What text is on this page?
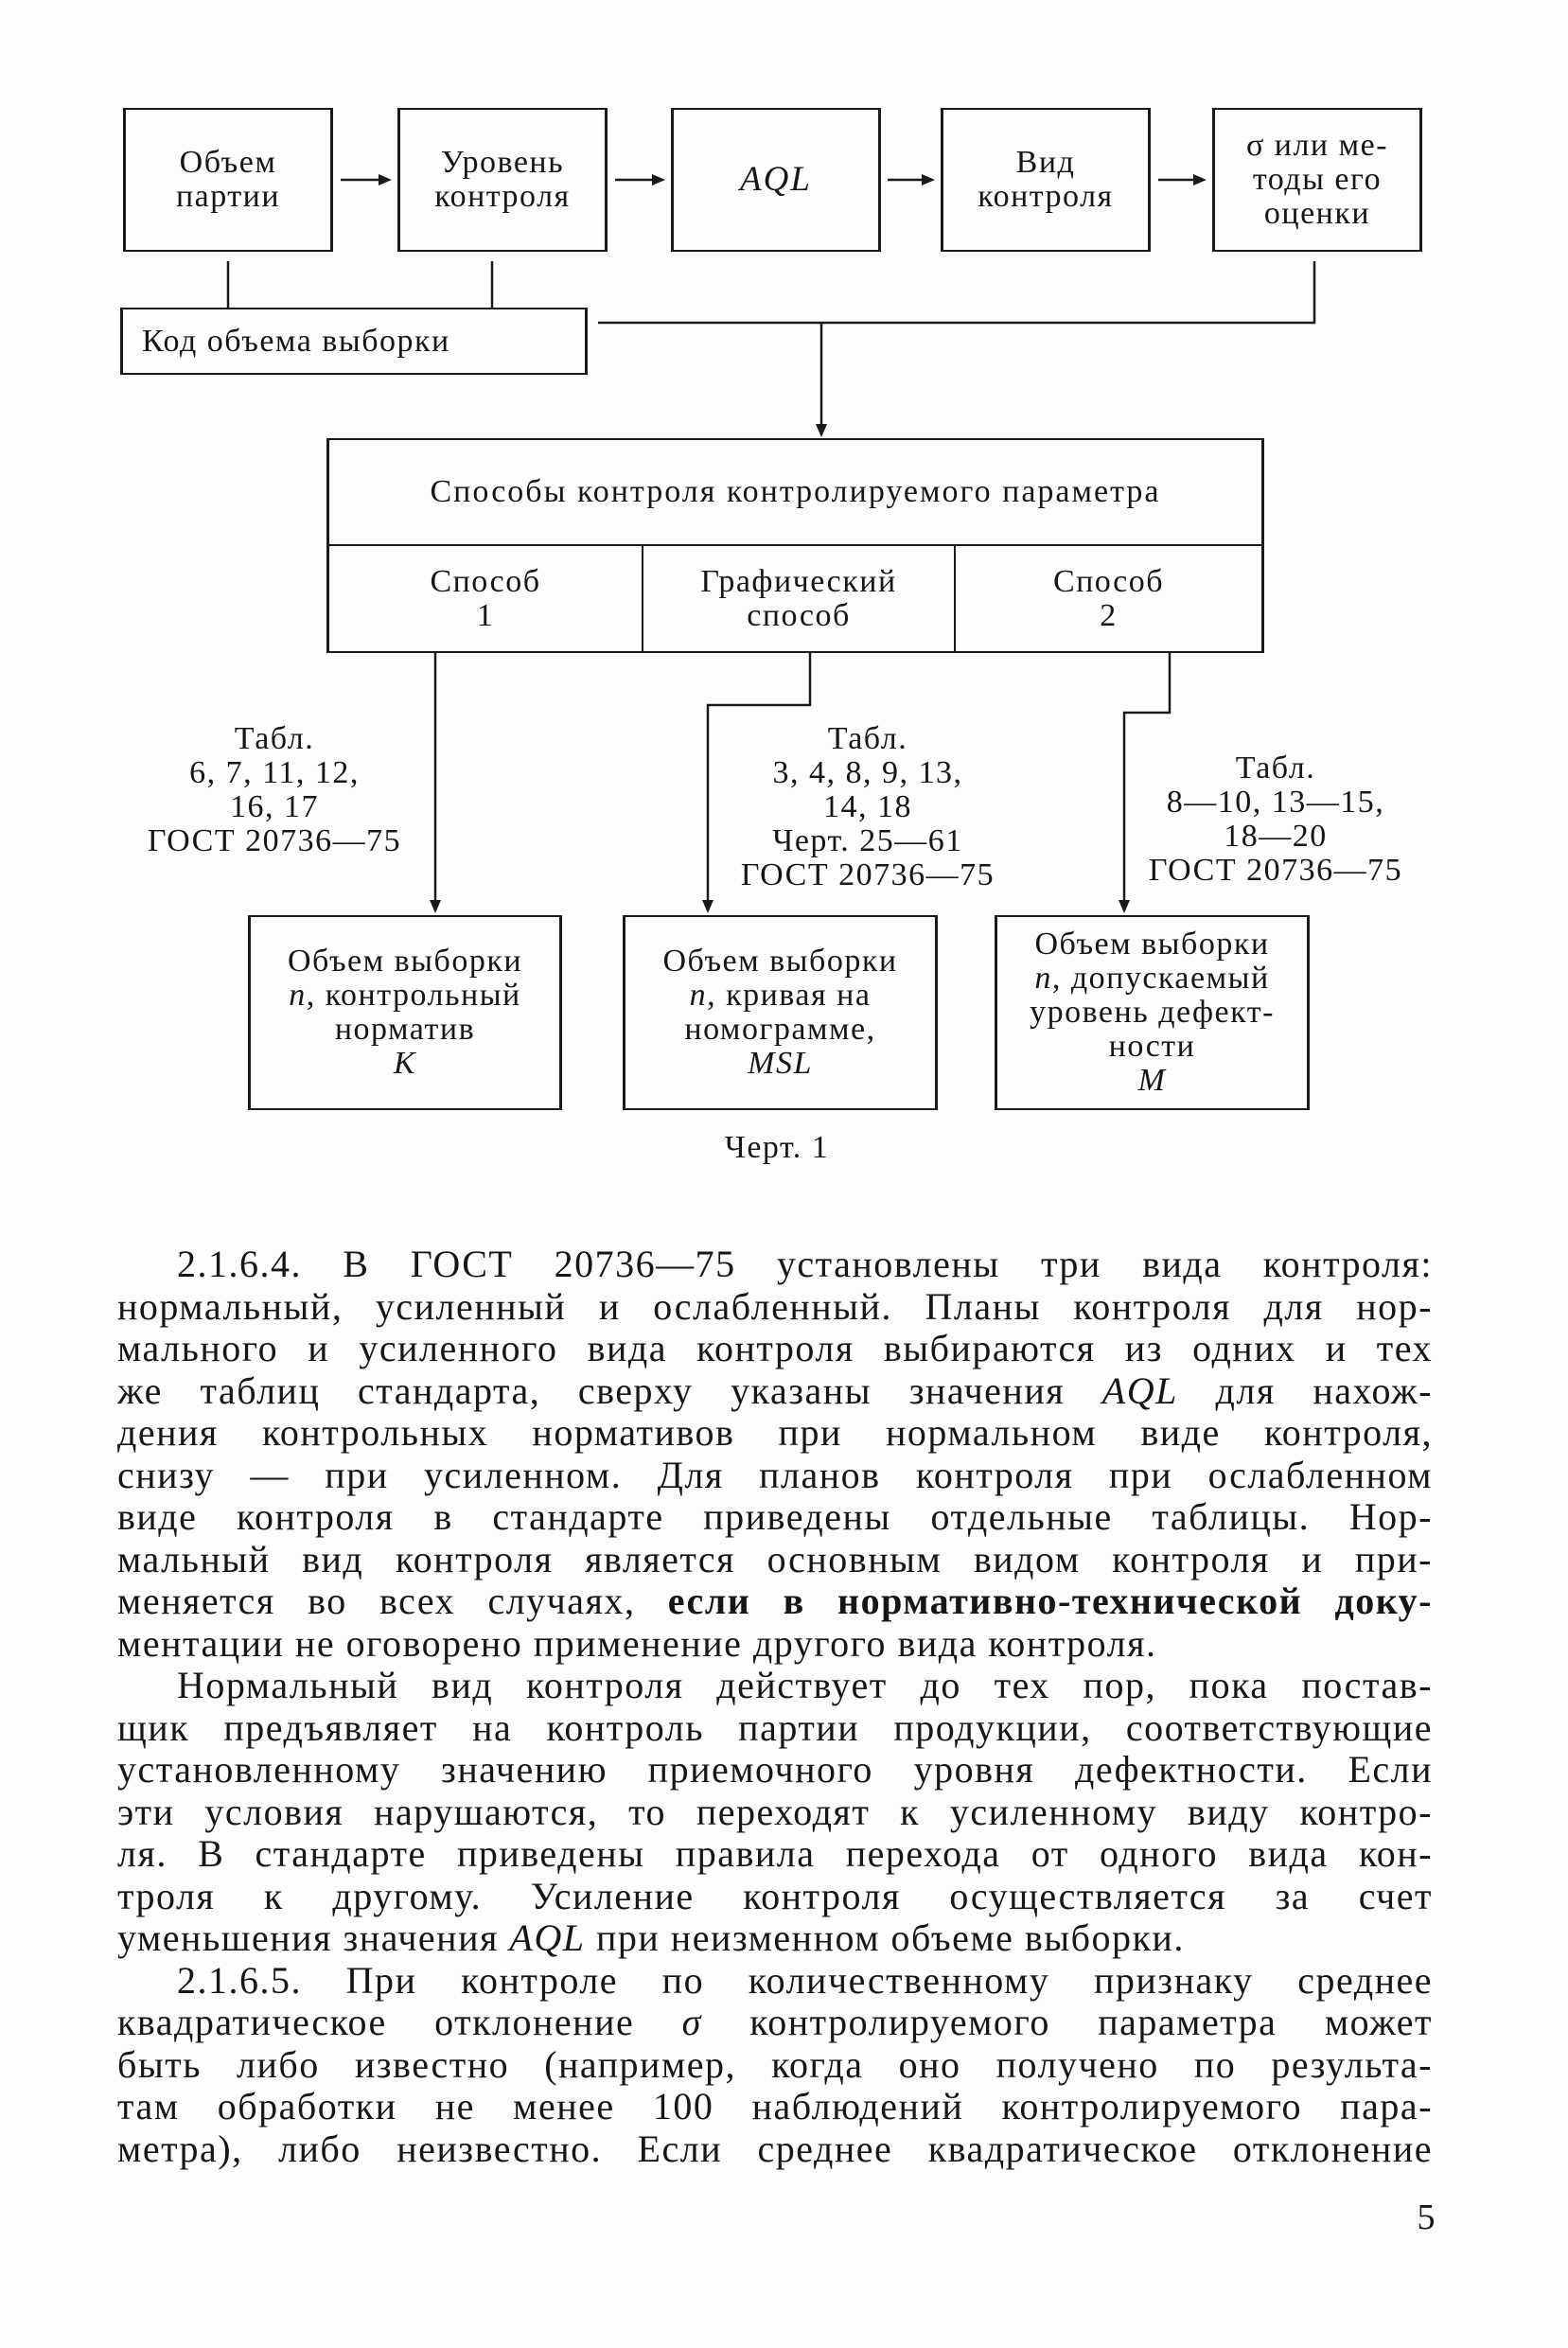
Объем
партии
Уровень
контроля	AQL	Вид
контроля
σ или ме-
тоды его
оценки
Код объема выборки
Способы контроля контролируемого параметра
Способ
1
Графический
способ
Способ
2
Табл.
6, 7, 11, 12,
16, 17
ГОСТ 20736—75
Табл.
3, 4, 8, 9, 13,
14, 18
Черт. 25—61
ГОСТ 20736—75
Табл.
8—10, 13—15,
18—20
ГОСТ 20736—75
Объем выборки
n, контрольный
норматив
K
Объем выборки
n, кривая на
номограмме,
MSL
Объем выборки
n, допускаемый
уровень дефект-
ности
M
Черт. 1
2.1.6.4. В ГОСТ 20736—75 установлены три вида контроля:
нормальный, усиленный и ослабленный. Планы контроля для нор-
мального и усиленного вида контроля выбираются из одних и тех
же таблиц стандарта, сверху указаны значения AQL для нахож-
дения контрольных нормативов при нормальном виде контроля,
снизу — при усиленном. Для планов контроля при ослабленном
виде контроля в стандарте приведены отдельные таблицы. Нор-
мальный вид контроля является основным видом контроля и при-
меняется во всех случаях, если в нормативно-технической доку-
ментации не оговорено применение другого вида контроля.
Нормальный вид контроля действует до тех пор, пока постав-
щик предъявляет на контроль партии продукции, соответствующие
установленному значению приемочного уровня дефектности. Если
эти условия нарушаются, то переходят к усиленному виду контро-
ля. В стандарте приведены правила перехода от одного вида кон-
троля к другому. Усиление контроля осуществляется за счет
уменьшения значения AQL при неизменном объеме выборки.
2.1.6.5. При контроле по количественному признаку среднее
квадратическое отклонение σ контролируемого параметра может
быть либо известно (например, когда оно получено по результа-
там обработки не менее 100 наблюдений контролируемого пара-
метра), либо неизвестно. Если среднее квадратическое отклонение
5
